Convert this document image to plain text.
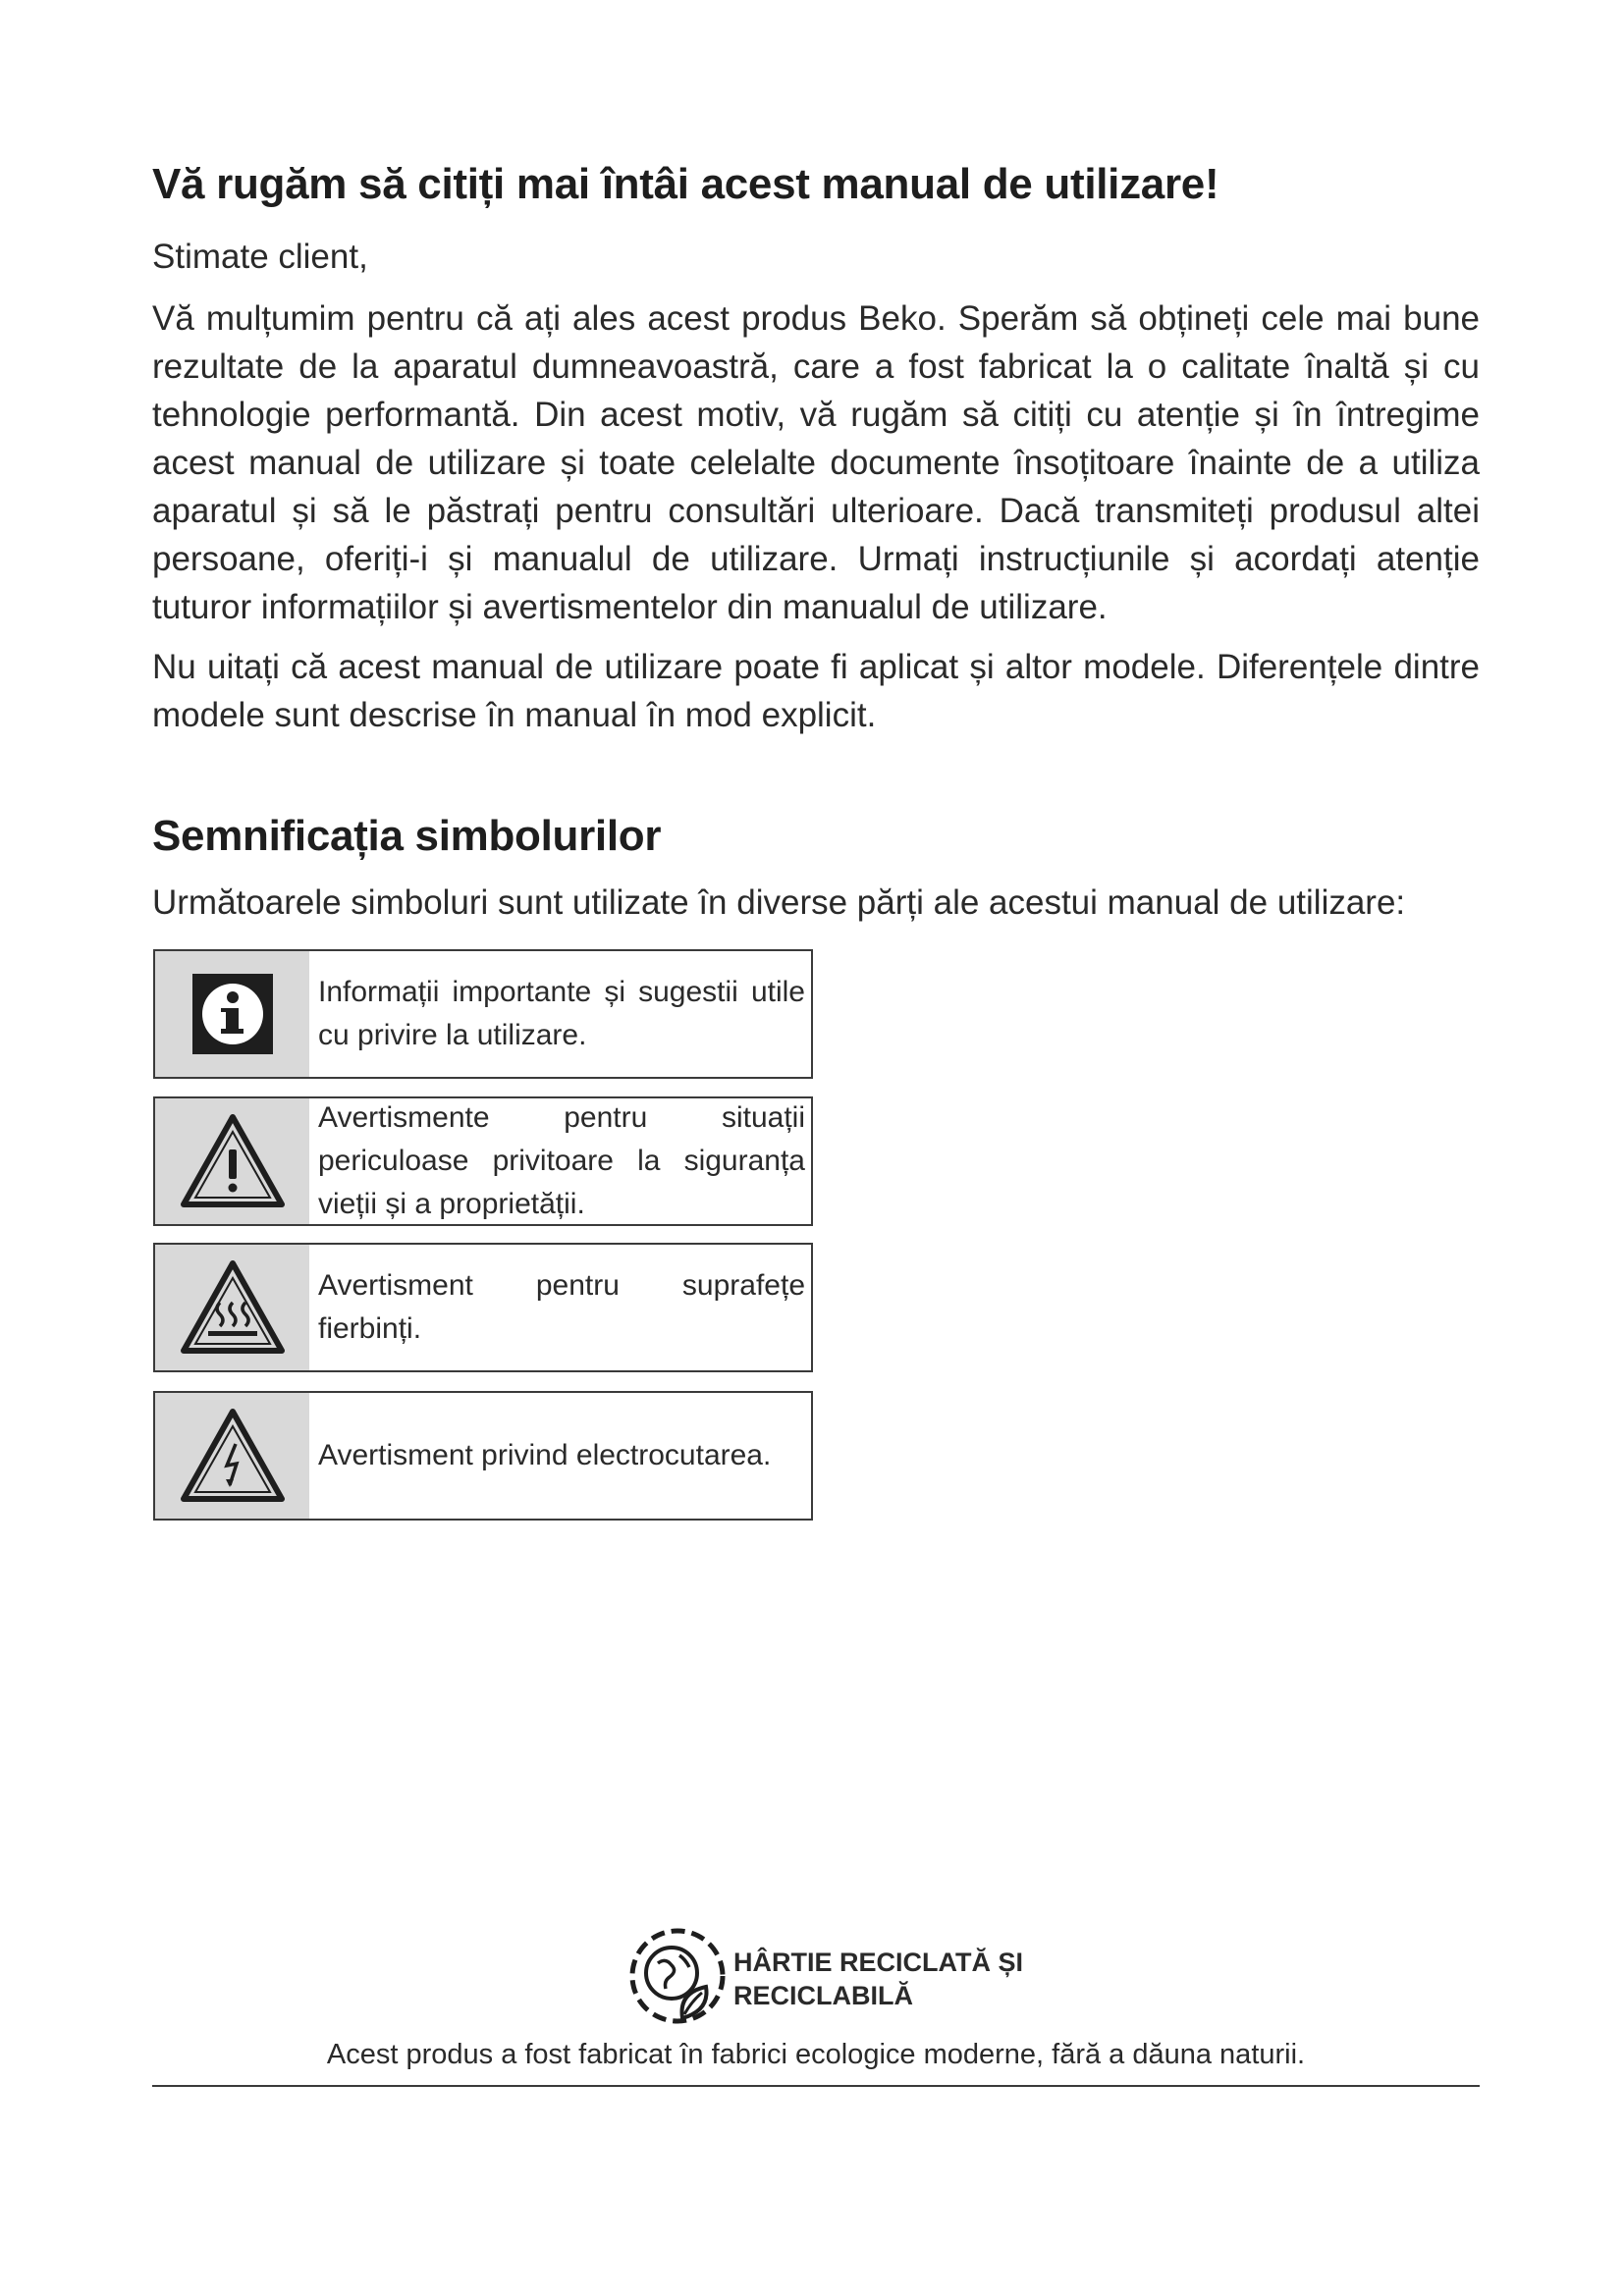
Vă rugăm să citiți mai întâi acest manual de utilizare!

Stimate client,

Vă mulțumim pentru că ați ales acest produs Beko. Sperăm să obțineți cele mai bune rezultate de la aparatul dumneavoastră, care a fost fabricat la o calitate înaltă și cu tehnologie performantă. Din acest motiv, vă rugăm să citiți cu atenție și în întregime acest manual de utilizare și toate celelalte documente însoțitoare înainte de a utiliza aparatul și să le păstrați pentru consultări ulterioare. Dacă transmiteți produsul altei persoane, oferiți-i și manualul de utilizare. Urmați instrucțiunile și acordați atenție tuturor informațiilor și avertismentelor din manualul de utilizare.

Nu uitați că acest manual de utilizare poate fi aplicat și altor modele. Diferențele dintre modele sunt descrise în manual în mod explicit.

Semnificația simbolurilor

Următoarele simboluri sunt utilizate în diverse părți ale acestui manual de utilizare:

Informații importante și sugestii utile cu privire la utilizare.
Avertismente pentru situații periculoase privitoare la siguranța vieții și a proprietății.
Avertisment pentru suprafețe fierbinți.
Avertisment privind electrocutarea.
HÂRTIE RECICLATĂ ȘI RECICLABILĂ

Acest produs a fost fabricat în fabrici ecologice moderne, fără a dăuna naturii.
